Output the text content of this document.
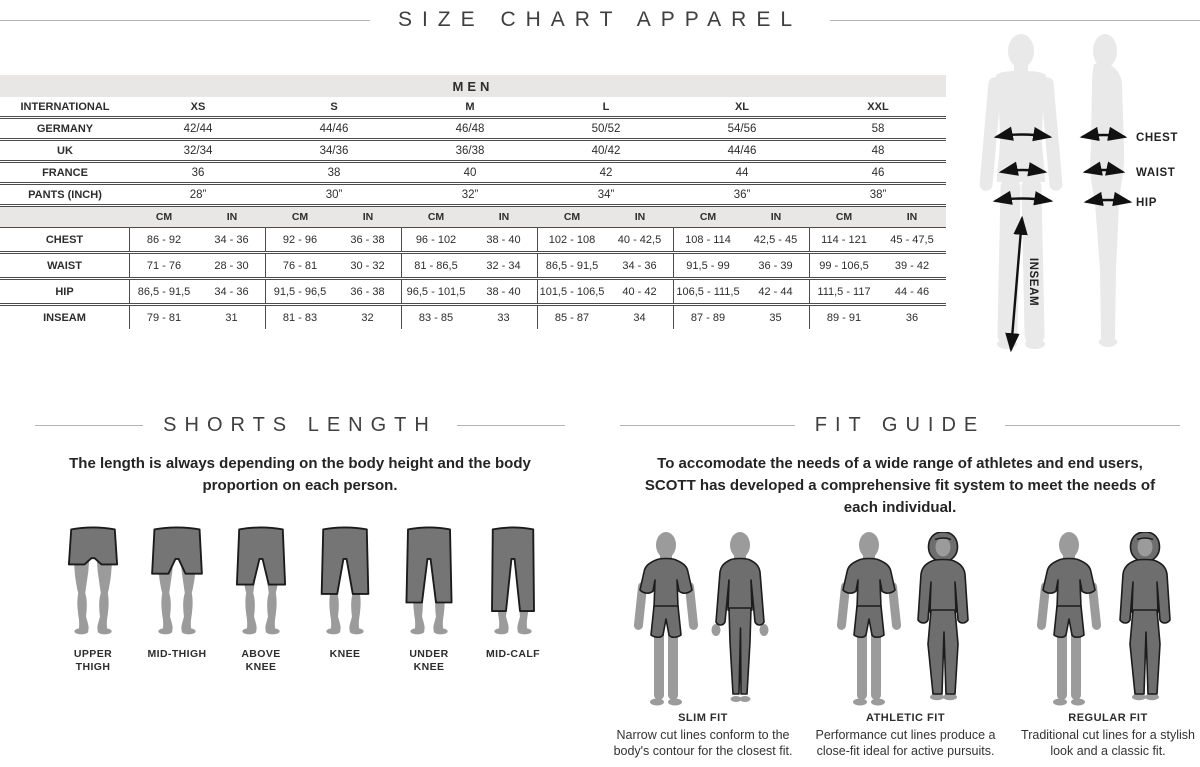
SIZE CHART APPAREL
MEN
INTERNATIONAL	XS	S	M	L	XL	XXL
GERMANY	42/44	44/46	46/48	50/52	54/56	58
UK	32/34	34/36	36/38	40/42	44/46	48
FRANCE	36	38	40	42	44	46
PANTS (INCH)	28”	30”	32”	34”	36”	38”
CM	IN	CM	IN	CM	IN	CM	IN	CM	IN	CM	IN
CHEST	86 - 92	34 - 36	92 - 96	36 - 38	96 - 102	38 - 40	102 - 108	40 - 42,5	108 - 114	42,5 - 45	114 - 121	45 - 47,5
WAIST	71 - 76	28 - 30	76 - 81	30 - 32	81 - 86,5	32 - 34	86,5 - 91,5	34 - 36	91,5 - 99	36 - 39	99 - 106,5	39 - 42
HIP	86,5 - 91,5	34 - 36	91,5 - 96,5	36 - 38	96,5 - 101,5	38 - 40	101,5 - 106,5	40 - 42	106,5 - 111,5	42 - 44	111,5 - 117	44 - 46
INSEAM	79 - 81	31	81 - 83	32	83 - 85	33	85 - 87	34	87 - 89	35	89 - 91	36
CHEST
WAIST
HIP
INSEAM
SHORTS LENGTH

The length is always depending on the body height and the body proportion on each person.

UPPER THIGH
MID-THIGH	ABOVE KNEE
KNEE	UNDER KNEE
MID-CALF
FIT GUIDE

To accomodate the needs of a wide range of athletes and end users, SCOTT has developed a comprehensive fit system to meet the needs of each individual.

SLIM FIT
Narrow cut lines conform to the body's contour for the closest fit.
ATHLETIC FIT
Performance cut lines produce a close-fit ideal for active pursuits.
REGULAR FIT
Traditional cut lines for a stylish look and a classic fit.
